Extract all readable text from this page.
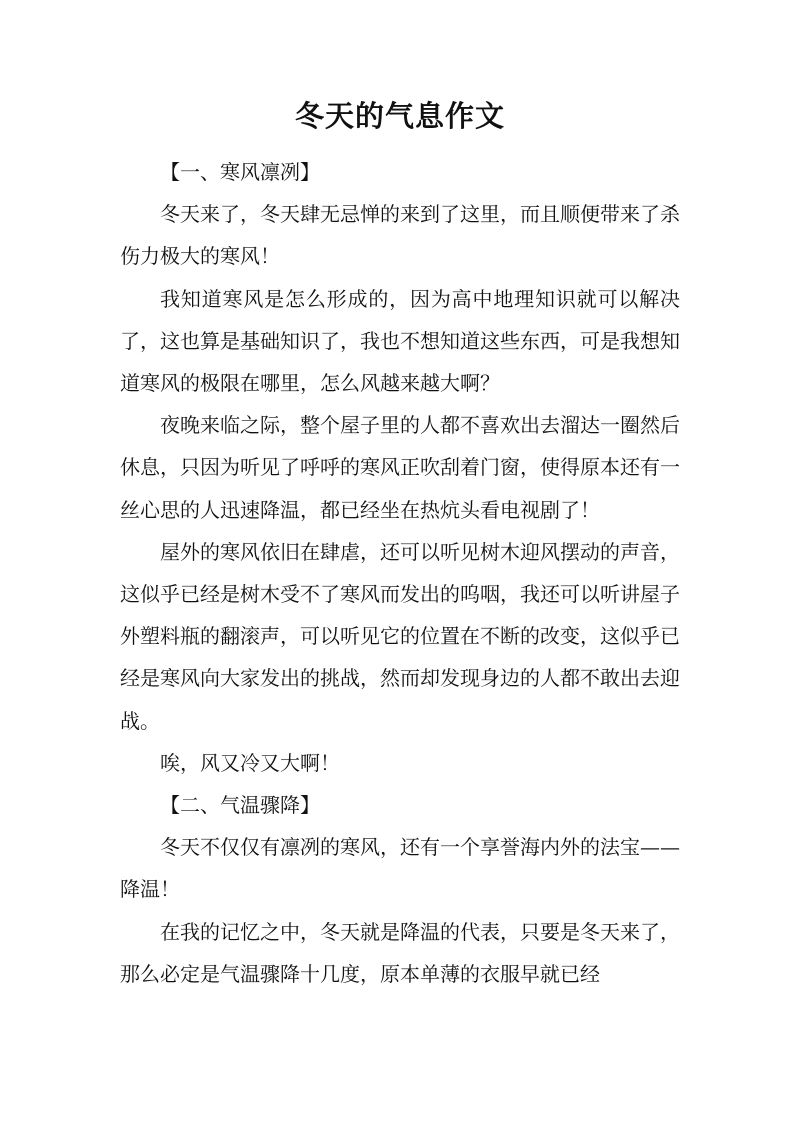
冬天的气息作文

【一、寒风凛冽】

冬天来了，冬天肆无忌惮的来到了这里，而且顺便带来了杀伤力极大的寒风！

我知道寒风是怎么形成的，因为高中地理知识就可以解决了，这也算是基础知识了，我也不想知道这些东西，可是我想知道寒风的极限在哪里，怎么风越来越大啊？

夜晚来临之际，整个屋子里的人都不喜欢出去溜达一圈然后休息，只因为听见了呼呼的寒风正吹刮着门窗，使得原本还有一丝心思的人迅速降温，都已经坐在热炕头看电视剧了！

屋外的寒风依旧在肆虐，还可以听见树木迎风摆动的声音，这似乎已经是树木受不了寒风而发出的呜咽，我还可以听讲屋子外塑料瓶的翻滚声，可以听见它的位置在不断的改变，这似乎已经是寒风向大家发出的挑战，然而却发现身边的人都不敢出去迎战。

唉，风又冷又大啊！

【二、气温骤降】

冬天不仅仅有凛冽的寒风，还有一个享誉海内外的法宝——降温！

在我的记忆之中，冬天就是降温的代表，只要是冬天来了，那么必定是气温骤降十几度，原本单薄的衣服早就已经
